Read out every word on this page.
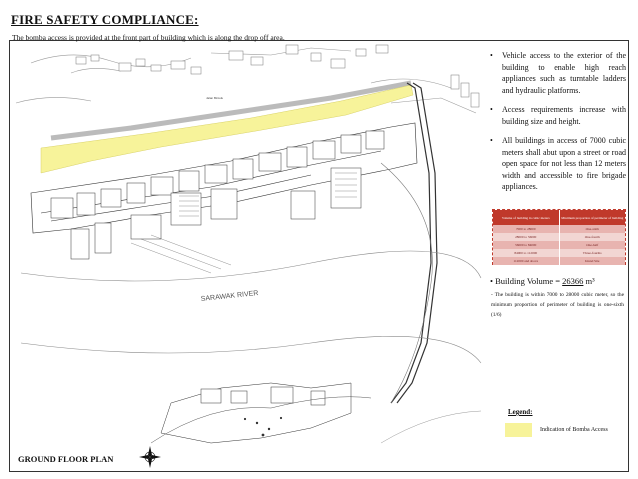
FIRE SAFETY COMPLIANCE:
The bomba access is provided at the front part of building which is along the drop off area.
Jalan Bintulu
SARAWAK RIVER
•	Vehicle access to the exterior of the building to enable high reach appliances such as turntable ladders and hydraulic platforms.
•	Access requirements increase with building size and height.
•	All buildings in access of 7000 cubic meters shall abut upon a street or road open space for not less than 12 meters width and accessible to fire brigade appliances.
Volume of building in cubic meters	Minimum proportion of perimeter of building
7000 to 28000	One-sixth
28000 to 56000	One-fourth
56000 to 84000	One-half
84000 to 112000	Three-fourths
112000 and above	Island Site
• Building Volume = 26366 m³
- The building is within 7000 to 28000 cubic meter, so the minimum proportion of perimeter of building is one-sixth (1/6)
Legend:
Indication of Bomba Access
GROUND FLOOR PLAN
